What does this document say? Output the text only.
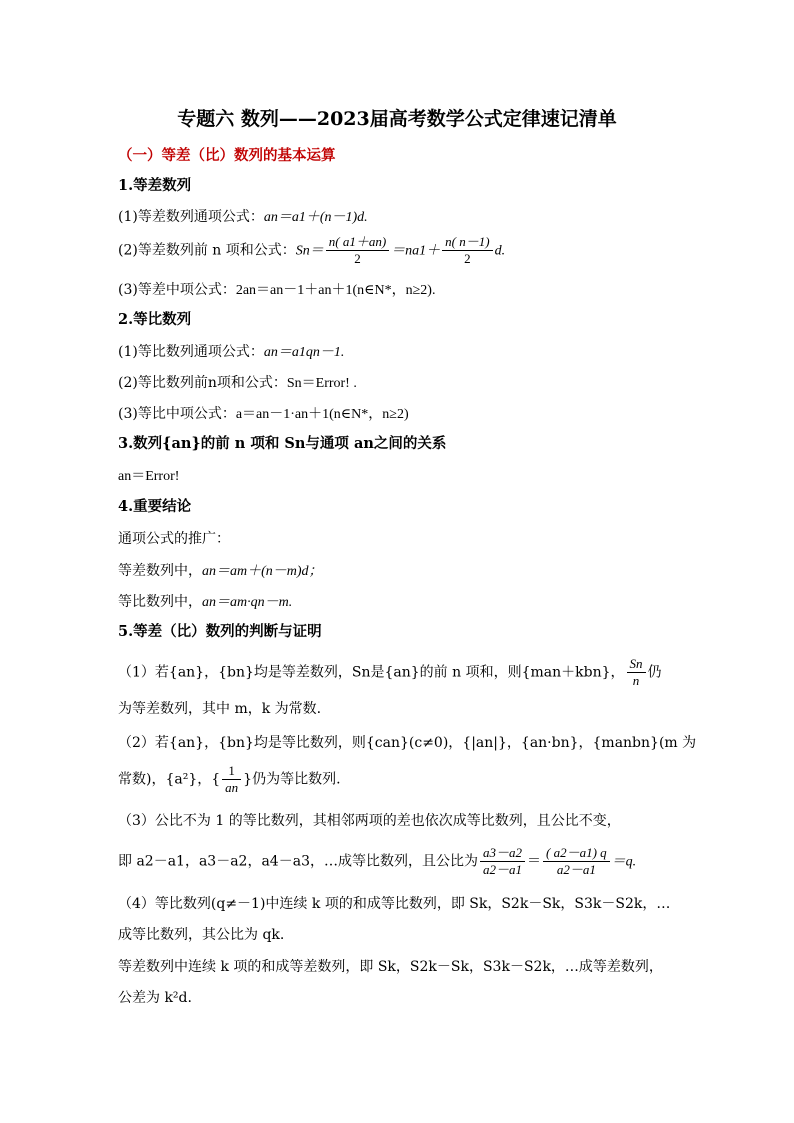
专题六 数列——2023届高考数学公式定律速记清单
（一）等差（比）数列的基本运算
1.等差数列
(1)等差数列通项公式：an＝a1＋(n－1)d.
(2)等差数列前 n 项和公式：$Sn= \frac{n( a1+an)}{2} =na1+ \frac{n( n-1)}{2} d$.
(3)等差中项公式：2an＝an－1＋an＋1(n∈N*，n≥2).
2.等比数列
(1)等比数列通项公式：an＝a1qn－1.
(2)等比数列前n项和公式：Sn＝Error! .
(3)等比中项公式：a＝an－1·an＋1(n∈N*，n≥2)
3.数列{an}的前 n 项和 Sn与通项 an之间的关系
an＝Error!
4.重要结论
通项公式的推广：
等差数列中，an＝am＋(n－m)d；
等比数列中，an＝am·qn－m.
5.等差（比）数列的判断与证明
（1）若{an}，{bn}均是等差数列，Sn是{an}的前 n 项和，则{man＋kbn}， $\frac{Sn}{n}$ 仍
为等差数列，其中 m，k 为常数.
（2）若{an}，{bn}均是等比数列，则{can}(c≠0)，{|an|}，{an·bn}，{manbn}(m 为
常数)，{a²}，{ $\frac{1}{an}$ }仍为等比数列.
（3）公比不为 1 的等比数列，其相邻两项的差也依次成等比数列，且公比不变，
即 a2－a1，a3－a2，a4－a3，…成等比数列，且公比为 $\frac{a3-a2}{a2-a1} = \frac{( a2-a1) q}{a2-a1} =q$.
（4）等比数列(q≠－1)中连续 k 项的和成等比数列，即 Sk，S2k－Sk，S3k－S2k，…
成等比数列，其公比为 qk.
等差数列中连续 k 项的和成等差数列，即 Sk，S2k－Sk，S3k－S2k，…成等差数列，
公差为 k²d.
